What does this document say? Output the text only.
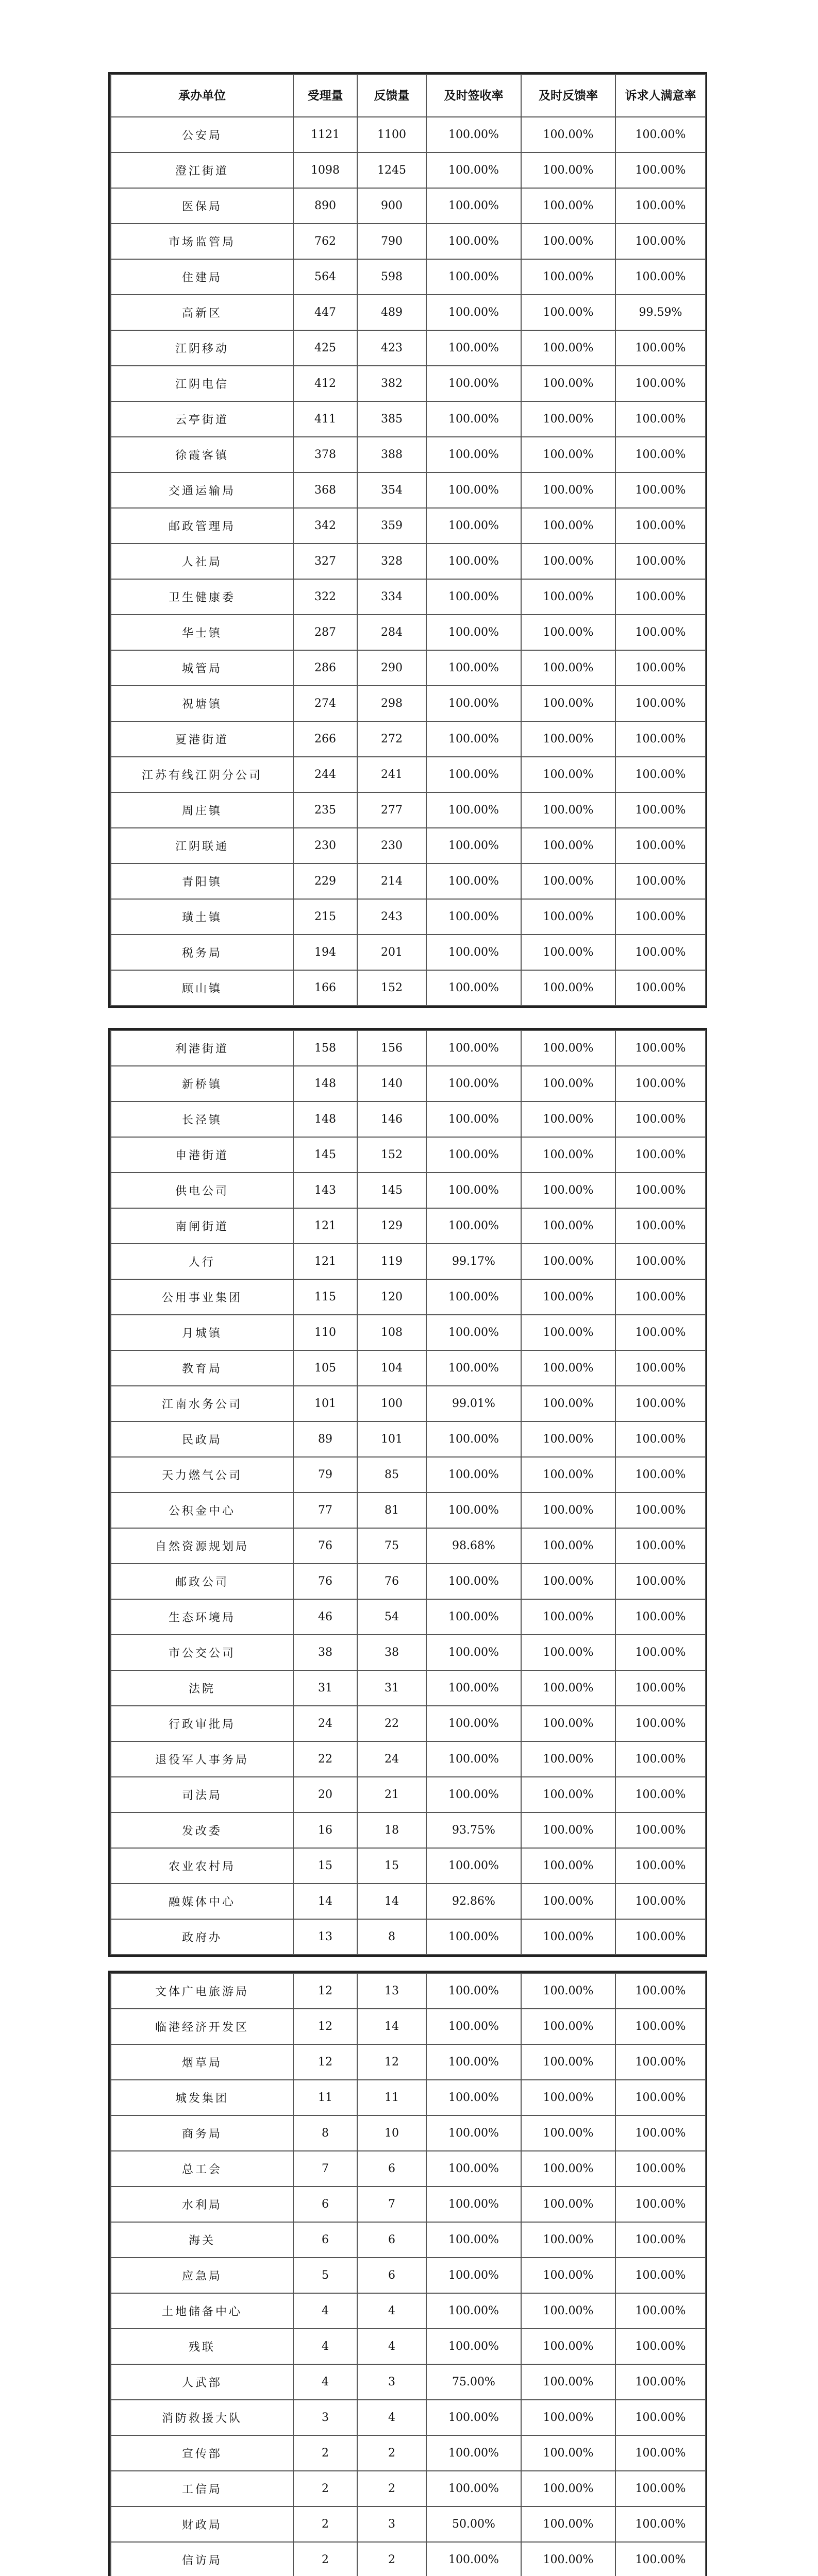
承办单位	受理量	反馈量	及时签收率	及时反馈率	诉求人满意率
公安局	1121	1100	100.00%	100.00%	100.00%
澄江街道	1098	1245	100.00%	100.00%	100.00%
医保局	890	900	100.00%	100.00%	100.00%
市场监管局	762	790	100.00%	100.00%	100.00%
住建局	564	598	100.00%	100.00%	100.00%
高新区	447	489	100.00%	100.00%	99.59%
江阴移动	425	423	100.00%	100.00%	100.00%
江阴电信	412	382	100.00%	100.00%	100.00%
云亭街道	411	385	100.00%	100.00%	100.00%
徐霞客镇	378	388	100.00%	100.00%	100.00%
交通运输局	368	354	100.00%	100.00%	100.00%
邮政管理局	342	359	100.00%	100.00%	100.00%
人社局	327	328	100.00%	100.00%	100.00%
卫生健康委	322	334	100.00%	100.00%	100.00%
华士镇	287	284	100.00%	100.00%	100.00%
城管局	286	290	100.00%	100.00%	100.00%
祝塘镇	274	298	100.00%	100.00%	100.00%
夏港街道	266	272	100.00%	100.00%	100.00%
江苏有线江阴分公司	244	241	100.00%	100.00%	100.00%
周庄镇	235	277	100.00%	100.00%	100.00%
江阴联通	230	230	100.00%	100.00%	100.00%
青阳镇	229	214	100.00%	100.00%	100.00%
璜土镇	215	243	100.00%	100.00%	100.00%
税务局	194	201	100.00%	100.00%	100.00%
顾山镇	166	152	100.00%	100.00%	100.00%
利港街道	158	156	100.00%	100.00%	100.00%
新桥镇	148	140	100.00%	100.00%	100.00%
长泾镇	148	146	100.00%	100.00%	100.00%
申港街道	145	152	100.00%	100.00%	100.00%
供电公司	143	145	100.00%	100.00%	100.00%
南闸街道	121	129	100.00%	100.00%	100.00%
人行	121	119	99.17%	100.00%	100.00%
公用事业集团	115	120	100.00%	100.00%	100.00%
月城镇	110	108	100.00%	100.00%	100.00%
教育局	105	104	100.00%	100.00%	100.00%
江南水务公司	101	100	99.01%	100.00%	100.00%
民政局	89	101	100.00%	100.00%	100.00%
天力燃气公司	79	85	100.00%	100.00%	100.00%
公积金中心	77	81	100.00%	100.00%	100.00%
自然资源规划局	76	75	98.68%	100.00%	100.00%
邮政公司	76	76	100.00%	100.00%	100.00%
生态环境局	46	54	100.00%	100.00%	100.00%
市公交公司	38	38	100.00%	100.00%	100.00%
法院	31	31	100.00%	100.00%	100.00%
行政审批局	24	22	100.00%	100.00%	100.00%
退役军人事务局	22	24	100.00%	100.00%	100.00%
司法局	20	21	100.00%	100.00%	100.00%
发改委	16	18	93.75%	100.00%	100.00%
农业农村局	15	15	100.00%	100.00%	100.00%
融媒体中心	14	14	92.86%	100.00%	100.00%
政府办	13	8	100.00%	100.00%	100.00%
文体广电旅游局	12	13	100.00%	100.00%	100.00%
临港经济开发区	12	14	100.00%	100.00%	100.00%
烟草局	12	12	100.00%	100.00%	100.00%
城发集团	11	11	100.00%	100.00%	100.00%
商务局	8	10	100.00%	100.00%	100.00%
总工会	7	6	100.00%	100.00%	100.00%
水利局	6	7	100.00%	100.00%	100.00%
海关	6	6	100.00%	100.00%	100.00%
应急局	5	6	100.00%	100.00%	100.00%
土地储备中心	4	4	100.00%	100.00%	100.00%
残联	4	4	100.00%	100.00%	100.00%
人武部	4	3	75.00%	100.00%	100.00%
消防救援大队	3	4	100.00%	100.00%	100.00%
宣传部	2	2	100.00%	100.00%	100.00%
工信局	2	2	100.00%	100.00%	100.00%
财政局	2	3	50.00%	100.00%	100.00%
信访局	2	2	100.00%	100.00%	100.00%
